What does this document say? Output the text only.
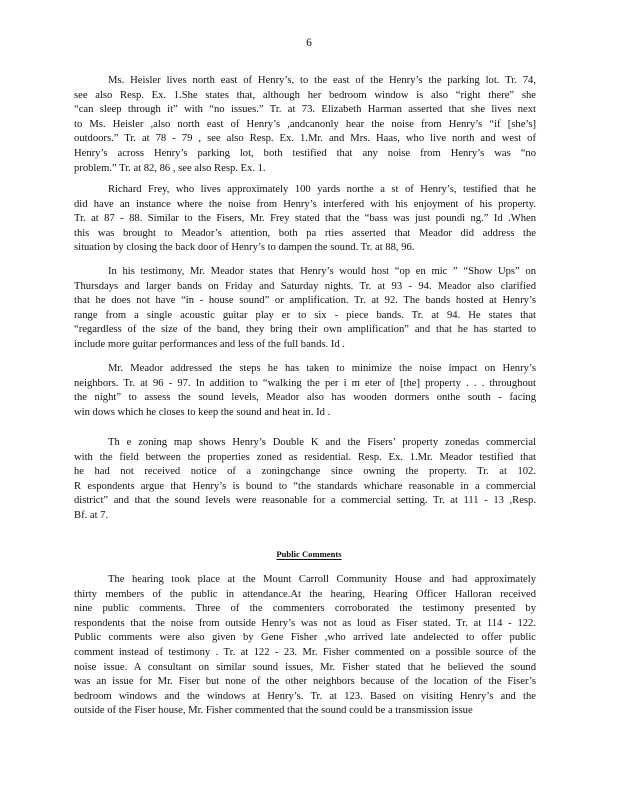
6
Ms. Heisler lives north east of Henry’s, to the east of the Henry’s the parking lot. Tr. 74,
see also Resp. Ex. 1.She states that, although her bedroom window is also “right there” she
“can sleep through it” with “no issues.” Tr. at 73. Elizabeth Harman asserted that she lives next
to Ms. Heisler ,also north east of Henry’s ,andcanonly hear the noise from Henry’s “if [she’s]
outdoors.” Tr. at 78 - 79 , see also Resp. Ex. 1.Mr. and Mrs. Haas, who live north and west of
Henry’s across Henry’s parking lot, both testified that any noise from Henry’s was “no
problem.” Tr. at 82, 86 , see also Resp. Ex. 1.
Richard Frey, who lives approximately 100 yards northe a st of Henry’s, testified that he
did have an instance where the noise from Henry’s interfered with his enjoyment of his property.
Tr. at 87 - 88. Similar to the Fisers, Mr. Frey stated that the “bass was just poundi ng.” Id .When
this was brought to Meador’s attention, both pa rties asserted that Meador did address the
situation by closing the back door of Henry’s to dampen the sound. Tr. at 88, 96.
In his testimony, Mr. Meador states that Henry’s would host “op en mic ” “Show Ups” on
Thursdays and larger bands on Friday and Saturday nights. Tr. at 93 - 94. Meador also clarified
that he does not have “in - house sound” or amplification. Tr. at 92. The bands hosted at Henry’s
range from a single acoustic guitar play er to six - piece bands. Tr. at 94. He states that
“regardless of the size of the band, they bring their own amplification” and that he has started to
include more guitar performances and less of the full bands. Id .
Mr. Meador addressed the steps he has taken to minimize the noise impact on Henry’s
neighbors. Tr. at 96 - 97. In addition to “walking the per i m eter of [the] property . . . throughout
the night” to assess the sound levels, Meador also has wooden dormers onthe south - facing
win dows which he closes to keep the sound and heat in. Id .
Th e zoning map shows Henry’s Double K and the Fisers’ property zonedas commercial
with the field between the properties zoned as residential. Resp. Ex. 1.Mr. Meador testified that
he had not received notice of a zoningchange since owning the property. Tr. at 102.
R espondents argue that Henry’s is bound to “the standards whichare reasonable in a commercial
district” and that the sound levels were reasonable for a commercial setting. Tr. at 111 - 13 ,Resp.
Bf. at 7.
Public Comments
The hearing took place at the Mount Carroll Community House and had approximately
thirty members of the public in attendance.At the hearing, Hearing Officer Halloran received
nine public comments. Three of the commenters corroborated the testimony presented by
respondents that the noise from outside Henry’s was not as loud as Fiser stated. Tr. at 114 - 122.
Public comments were also given by Gene Fisher ,who arrived late andelected to offer public
comment instead of testimony . Tr. at 122 - 23. Mr. Fisher commented on a possible source of the
noise issue. A consultant on similar sound issues, Mr. Fisher stated that he believed the sound
was an issue for Mr. Fiser but none of the other neighbors because of the location of the Fiser’s
bedroom windows and the windows at Henry’s. Tr. at 123. Based on visiting Henry’s and the
outside of the Fiser house, Mr. Fisher commented that the sound could be a transmission issue
